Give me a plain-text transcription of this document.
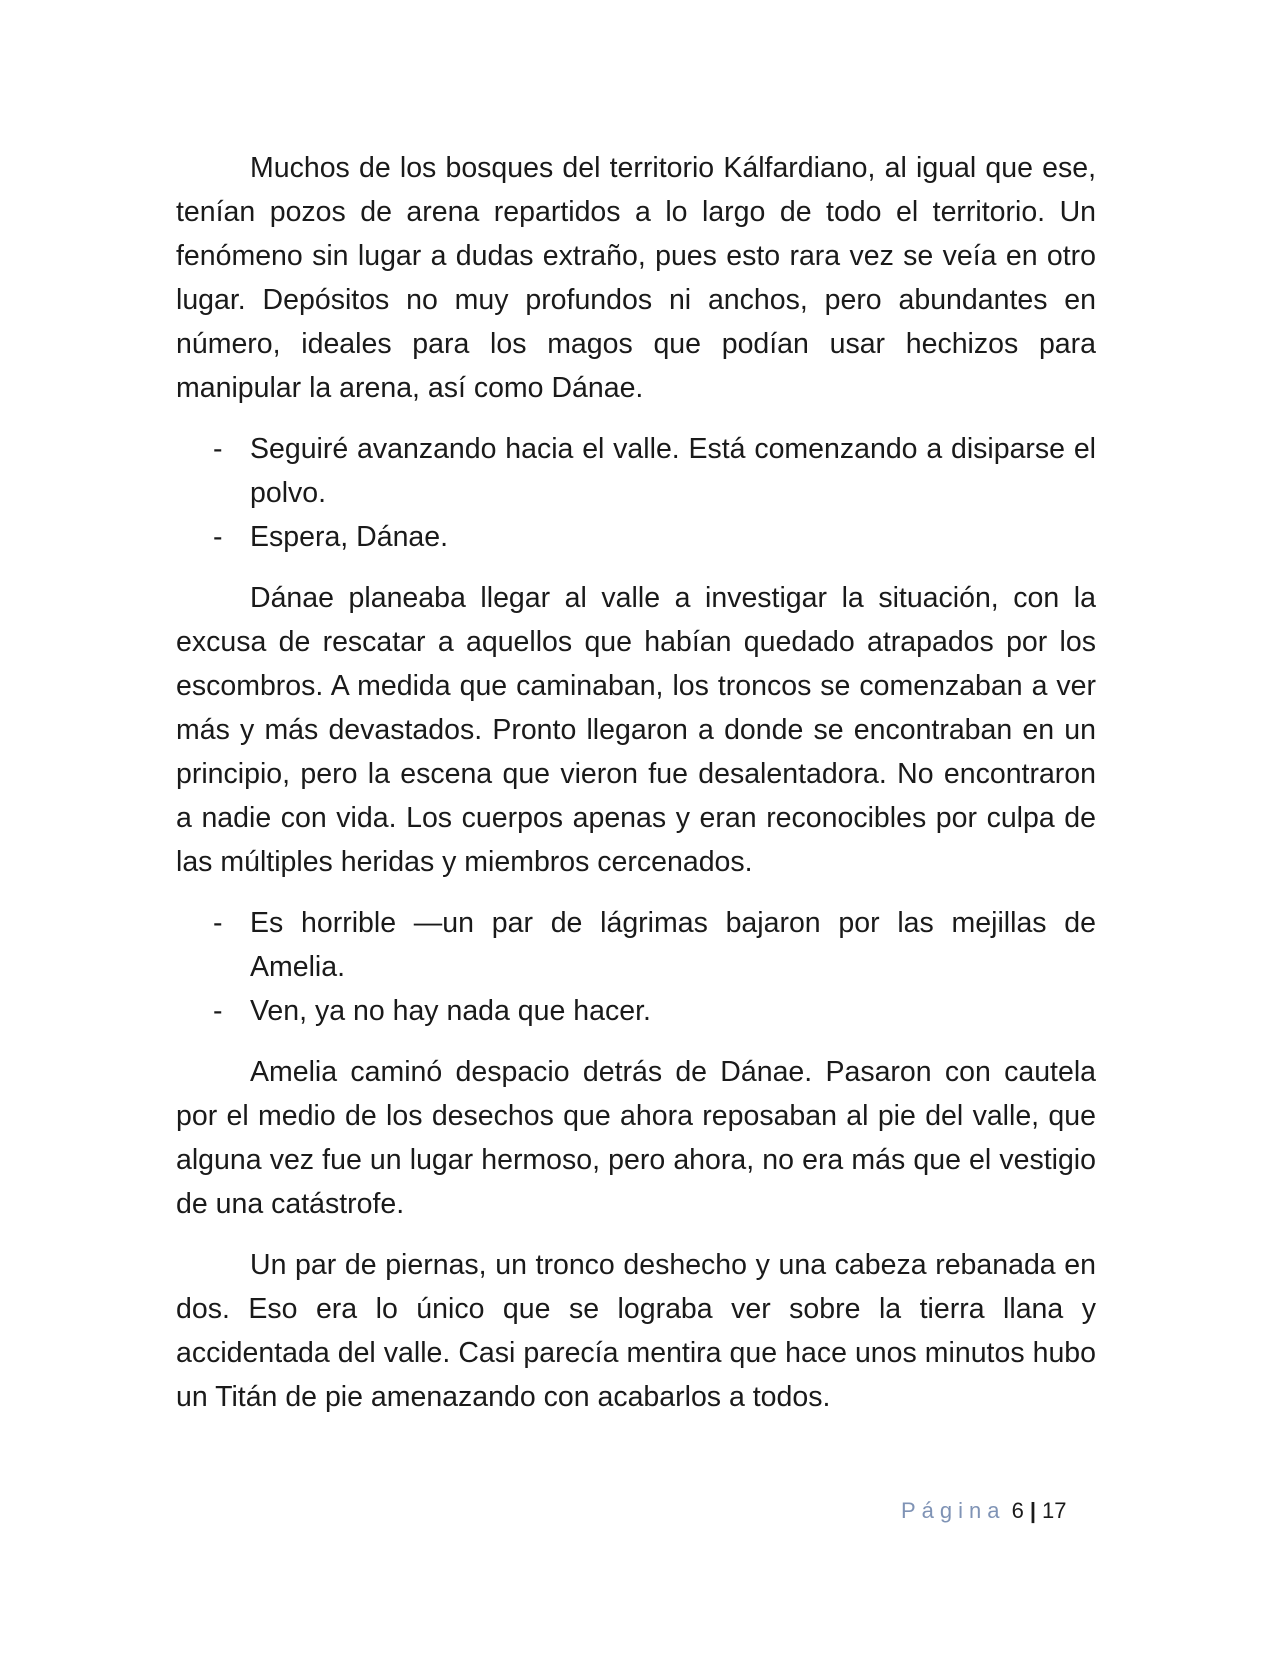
Muchos de los bosques del territorio Kálfardiano, al igual que ese, tenían pozos de arena repartidos a lo largo de todo el territorio. Un fenómeno sin lugar a dudas extraño, pues esto rara vez se veía en otro lugar. Depósitos no muy profundos ni anchos, pero abundantes en número, ideales para los magos que podían usar hechizos para manipular la arena, así como Dánae.

- Seguiré avanzando hacia el valle. Está comenzando a disiparse el polvo.
- Espera, Dánae.

Dánae planeaba llegar al valle a investigar la situación, con la excusa de rescatar a aquellos que habían quedado atrapados por los escombros. A medida que caminaban, los troncos se comenzaban a ver más y más devastados. Pronto llegaron a donde se encontraban en un principio, pero la escena que vieron fue desalentadora. No encontraron a nadie con vida. Los cuerpos apenas y eran reconocibles por culpa de las múltiples heridas y miembros cercenados.

- Es horrible —un par de lágrimas bajaron por las mejillas de Amelia.
- Ven, ya no hay nada que hacer.

Amelia caminó despacio detrás de Dánae. Pasaron con cautela por el medio de los desechos que ahora reposaban al pie del valle, que alguna vez fue un lugar hermoso, pero ahora, no era más que el vestigio de una catástrofe.

Un par de piernas, un tronco deshecho y una cabeza rebanada en dos. Eso era lo único que se lograba ver sobre la tierra llana y accidentada del valle. Casi parecía mentira que hace unos minutos hubo un Titán de pie amenazando con acabarlos a todos.

Página 6 | 17
